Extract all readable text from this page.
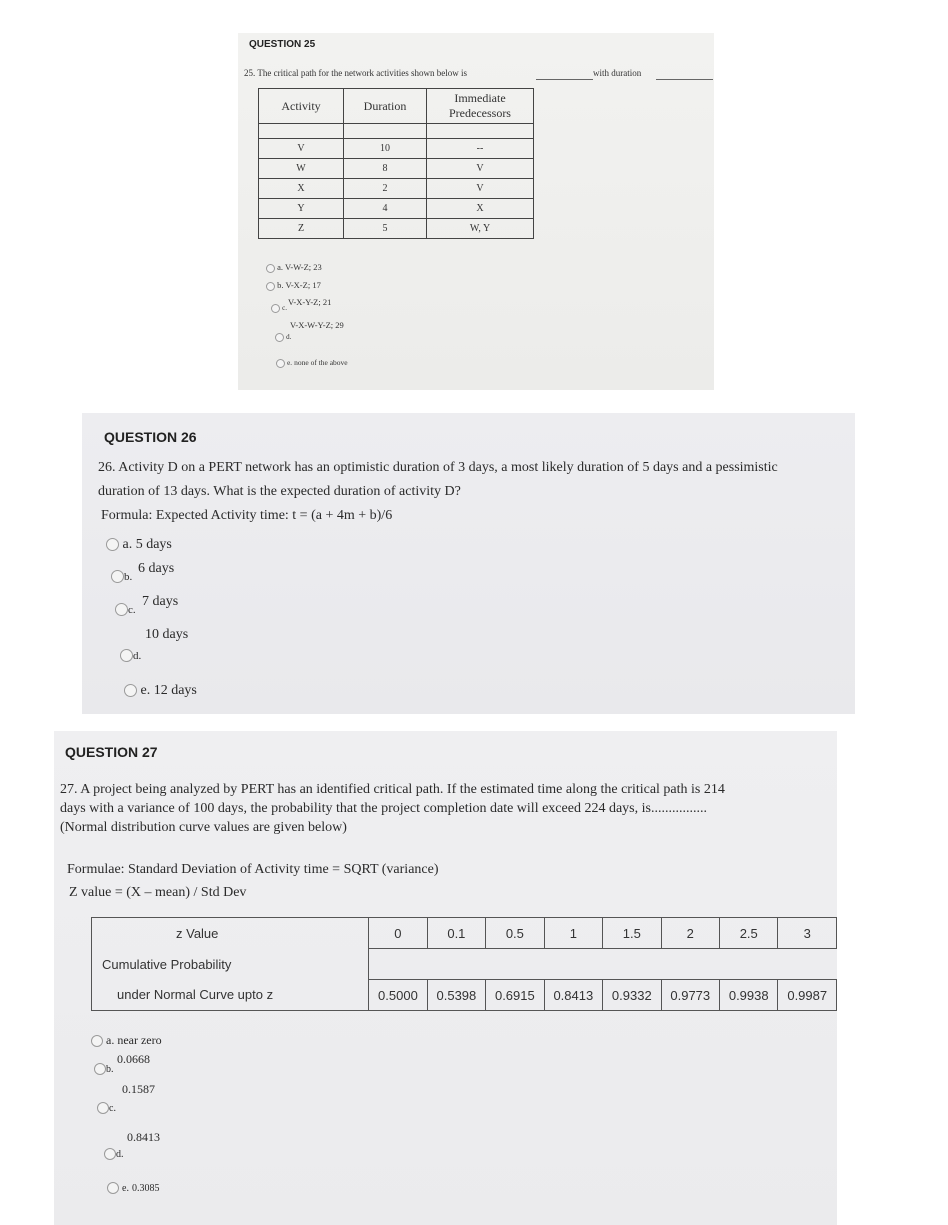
QUESTION 25
25. The critical path for the network activities shown below is	with duration
Activity	Duration	Immediate Predecessors

V	10	--
W	8	V
X	2	V
Y	4	X
Z	5	W, Y
a. V-W-Z; 23
b. V-X-Z; 17
c.
V-X-Y-Z; 21
V-X-W-Y-Z; 29
d.
e. none of the above
QUESTION 26
26. Activity D on a PERT network has an optimistic duration of 3 days, a most likely duration of 5 days and a pessimistic
duration of 13 days. What is the expected duration of activity D?
Formula: Expected Activity time: t = (a + 4m + b)/6
a. 5 days
b.
6 days
c.
7 days
10 days
d.
e. 12 days
QUESTION 27
27. A project being analyzed by PERT has an identified critical path. If the estimated time along the critical path is 214
days with a variance of 100 days, the probability that the project completion date will exceed 224 days, is................
(Normal distribution curve values are given below)
Formulae: Standard Deviation of Activity time = SQRT (variance)
Z value = (X – mean) / Std Dev
z Value	0	0.1	0.5	1	1.5	2	2.5	3
Cumulative Probability								
under Normal Curve upto z	0.5000	0.5398	0.6915	0.8413	0.9332	0.9773	0.9938	0.9987
a. near zero
b.
0.0668
0.1587
c.
0.8413
d.
e. 0.3085
